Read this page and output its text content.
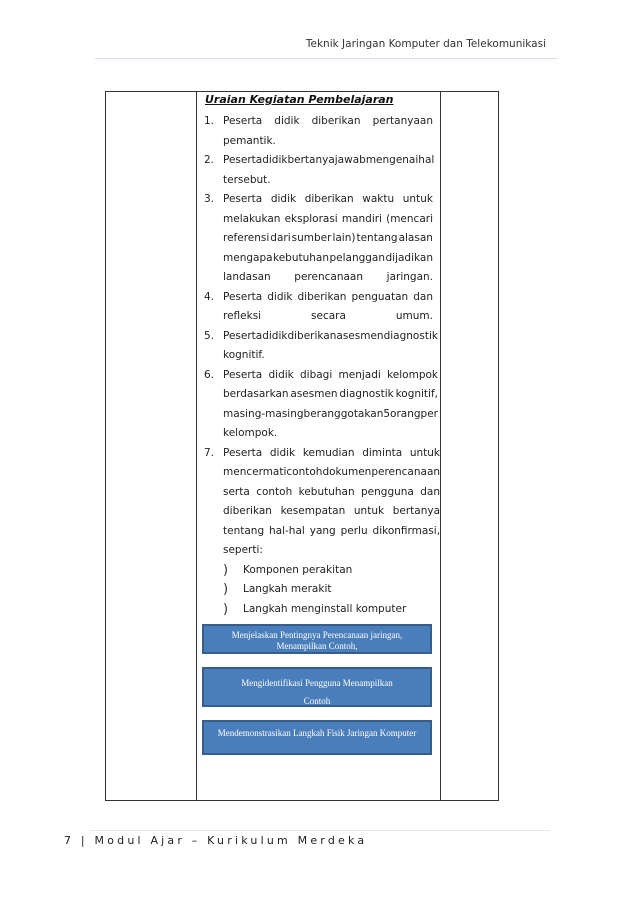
Teknik Jaringan Komputer dan Telekomunikasi
Uraian Kegiatan Pembelajaran
1. Peserta didik diberikan pertanyaan
pemantik.
2. Peserta didik bertanya jawab mengenai hal
tersebut.
3. Peserta didik diberikan waktu untuk
melakukan eksplorasi mandiri (mencari
referensi dari sumber lain) tentang alasan
mengapa kebutuhan pelanggan dijadikan
landasan perencanaan jaringan.
4. Peserta didik diberikan penguatan dan
refleksi secara umum.
5. Peserta didik diberikan asesmen diagnostik
kognitif.
6. Peserta didik dibagi menjadi kelompok
berdasarkan asesmen diagnostik kognitif,
masing-masing beranggotakan 5 orang per
kelompok.
7. Peserta didik kemudian diminta untuk
mencermati contoh dokumen perencanaan
serta contoh kebutuhan pengguna dan
diberikan kesempatan untuk bertanya
tentang hal-hal yang perlu dikonfirmasi,
seperti:
)	Komponen perakitan
)	Langkah merakit
)	Langkah menginstall komputer
Menjelaskan Pentingnya Perencanaan jaringan,
Menampilkan Contoh,
Mengidentifikasi Pengguna Menampilkan
Contoh
Mendemonstrasikan Langkah Fisik Jaringan Komputer
7 | Modul Ajar – Kurikulum Merdeka
